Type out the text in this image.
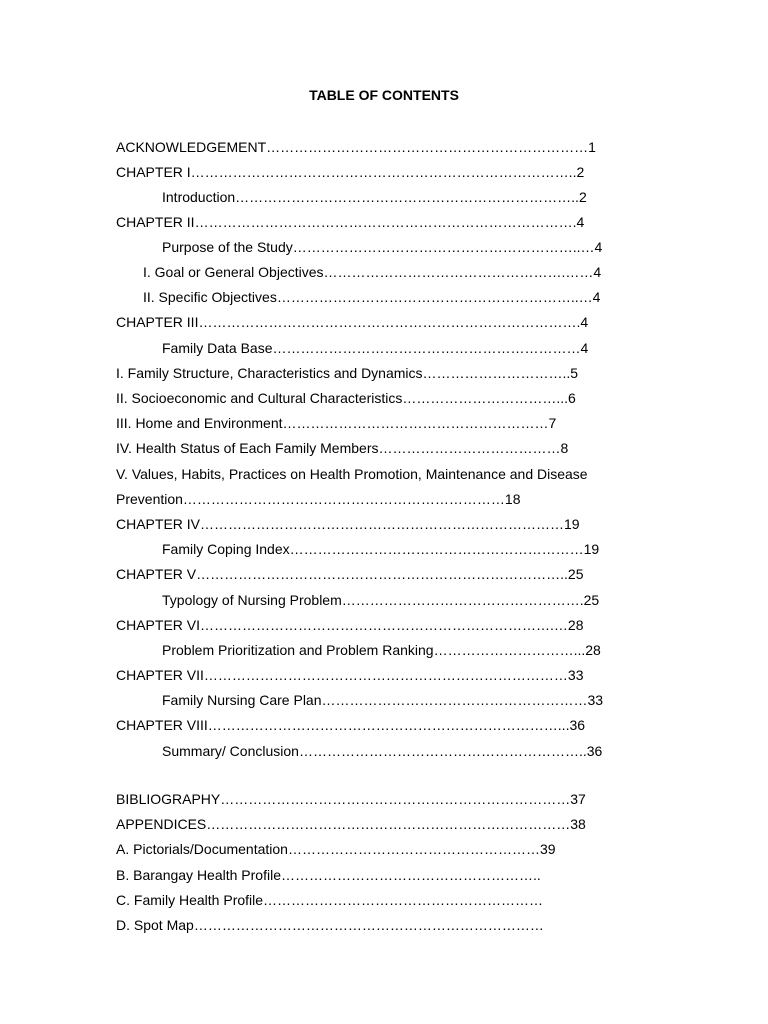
TABLE OF CONTENTS
ACKNOWLEDGEMENT……………………………………………………………1
CHAPTER I………………………………………………………………………..2
Introduction………………………………………………………………..2
CHAPTER II……………………………………………………………………….4
Purpose of the Study……………………………………………………..…4
I. Goal or General Objectives…………………………………………….……4
II. Specific Objectives………………………………………………………..…4
CHAPTER III……………………………………………………………………….4
Family Data Base…………………………………………………………4
I. Family Structure, Characteristics and Dynamics…………………………..5
II. Socioeconomic and Cultural Characteristics……………………………...6
III. Home and Environment…………………………………………………7
IV. Health Status of Each Family Members…………………………………8
V. Values, Habits, Practices on Health Promotion, Maintenance and Disease
Prevention……………………………………………………………18
CHAPTER IV……………………………………………………………………19
Family Coping Index………………………………………………………19
CHAPTER V……………………………………………………………………..25
Typology of Nursing Problem…………………………………………….25
CHAPTER VI………………………………………………………………….…28
Problem Prioritization and Problem Ranking…………………………...28
CHAPTER VII……………………………………………………………………33
Family Nursing Care Plan…………………………………………………33
CHAPTER VIII…………………………………………………………………...36
Summary/ Conclusion……………………………………………………..36
BIBLIOGRAPHY…………………………………………………………………37
APPENDICES……………………………………………………………………38
A. Pictorials/Documentation………………………………………………39
B. Barangay Health Profile………………………………………………..
C. Family Health Profile……………………………………………………
D. Spot Map…………………………………………………………………
